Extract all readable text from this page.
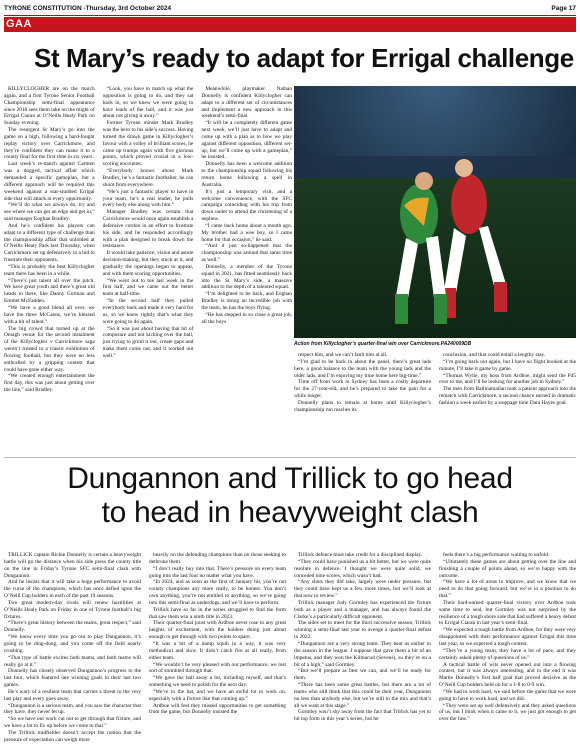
TYRONE CONSTITUTION -Thursday, 3rd October 2024	Page 17
GAA
St Mary’s ready to adapt for Errigal challenge

KILLYCLOGHER are on the march again, and a first Tyrone Senior Football Championship semi-final appearance since 2018 sees them take on the might of Errigal Ciaran at O’Neills Healy Park on Sunday evening.

The resurgent St Mary’s go into the game on a high, following a hard-fought replay victory over Carrickmore, and they’re confident they can make it to a county final for the first time in six years.

Last week’s re-match against Carmen was a dogged, tactical affair which demanded a specific gameplan, but a different approach will be required this weekend against a star-studded Errigal side that will attack at every opportunity.

“We’ll do what we always do, try and see where we can get an edge and get in,” said manager Eoghan Bradley.

And he’s confident his players can adapt to a different type of challenge than the championship affair that unfolded at O’Neills Healy Park last Thursday, when Carrickmore set up defensively in a bid to frustrate their opponents.

“This is probably the best Killyclogher team there has been in a while.

“There’s just talent all over the pitch. We have great youth and there’s great old heads in there, like Danny Gorman and Emmet McFadden.

“We have a good blend all over, we have the three McCanns, we’re blessed with a bit of talent.”

The big crowd that turned up at the Omagh venue for the second instalment of the Killyclogher v Carrickmore saga weren’t treated to a classic exhibition of flowing football, but they were no less enthralled by a gripping contest that could have gone either way.

“We created enough entertainment the first day, this was just about getting over the line,” said Bradley.

“Look, you have to match up what the opposition is going to do, and they sat back in, so we knew we were going to have loads of the ball, and it was just about not giving it away.”

Former Tyrone minder Mark Bradley was the hero to his side’s success. Having turned the drawn game in Killyclogher’s favour with a volley of brilliant scores, he came up trumps again with five glorious points, which proved crucial in a low-scoring encounter.

“Everybody knows about Mark Bradley, he’s a fantastic footballer, he can shoot from everywhere.

“He’s just a fantastic player to have in your team, he’s a real leader, he pulls every body else along with him.”

Manager Bradley was certain that Carrickmore would once again establish a defensive cordon in an effort to frustrate his side, and he responded accordingly with a plan designed to break down the resistance.

It would take patience, vision and astute decision-making, but they stuck at it, and gradually the openings began to appear, and with them scoring opportunities.

“We went out to toe last week in the first half, and we came out the better team at half-time.

“In the second half they pulled everybody back and made it very hard for us, so we knew rightly that’s what they were going to do again.

“So it was just about having that bit of composure and not kicking over the ball, just trying to grind it out, create gaps and make them come out, and it worked out well.”

Meanwhile, playmaker Nathan Donnelly is confident Killyclogher can adapt to a different set of circumstances and implement a new approach in this weekend’s semi-final.

“It will be a completely different game next week, we’ll just have to adapt and come up with a plan as to how we play against different opposition, different set-up, but we’ll come up with a gameplan,” he insisted.

Donnelly has been a welcome addition to the championship squad following his return home following a spell in Australia.

It’s just a temporary visit, and a welcome convenience, with the SFC campaign coinciding with his trip from down under to attend the christening of a nephew.

“I came back home about a month ago. My brother had a wee boy, so I came home for that occasion,” he said.

“And it just so-happened that the championship was around that same time as well.”

Donnelly, a member of the Tyrone squad in 2021, has fitted seamlessly back into the St Mary’s side, a massive addition to the depth of a talented squad.

“I’m delighted to be back, and Eoghan Bradley is doing an incredible job with the team, he has the boys flying.

“He has stepped in so close a great job, all the boys

Action from Killyclogher’s quarter-final win over Carrickmore.PA240009DB

respect him, and we can’t fault him at all.

“I’m glad to be back in about the panel, there’s great lads here, a good balance to the team with the young lads and the older lads, and I’m enjoying my time home here big-time.”

Time off from work in Sydney has been a costly departure for the 27-year-old, and he’s prepared to take the pain for a while longer.

Donnelly plans to remain at home until Killyclogher’s championship run reaches its

conclusion, and that could entail a lengthy stay.

“I’m going back out again, but I have no flight booked at the minute, I’ll take it game by game.

“Thomas Wylie, my boss from Ardboe, might send the P45 over to me, and I’ll be looking for another job in Sydney.”

The men from Ballinamallan took a patient approach into the rematch with Carrickmore, a second chance earned in dramatic fashion a week earlier by a stoppage time Dara Hayes goal.

Dungannon and Trillick to go head
to head in heavyweight clash

TRILLICK captain Richie Donnelly is certain a heavyweight battle will go the distance when his side press the county title on the line in Friday’s Tyrone SFC semi-final clash with Dungannon.

And he insists that it will take a huge performance to avoid the curse of the champions, which has once defied upon the O’Neill Cup holders in each of the past 19 seasons.

Two great modern-day rivals will renew hostilities at O’Neills Healy Park on Friday in one of Tyrone football’s big fixtures.

“There’s great history between the teams, great respect,” said Donnelly.

“We know every time you go out to play Dungannon, it’s going to be ding-dong, and you come off the field nearly crushing.

“That type of battle excites both teams, and both teams will really go at it.”

Donnelly has closely observed Dungannon’s progress to the last four, which featured late winning goals in their last two games.

He’s wary of a resilient team that carries a threat to the very last play and every goes away.

“Dungannon is a serious team, and you saw the character that they have, they never let up.

“So we have our work cut out to get through that fixture, and we have a lot to fix up before we come to that.”

The Trillick midfielder doesn’t accept the notion that the pressure of expectation can weigh more

heavily on the defending champions than on those seeking to dethrone them.

“I don’t really buy into that. There’s pressure on every team going into the last four no matter what you have.

“In 2024, and as soon as the first of January hit, you’re not county champions any more really, to be honest. You don’t own anything, you’re not entitled to anything, so we’re going into this semi-final as underdogs, and we’ll have to perform.

Trillick have so far in the series struggled to find the form that saw them win a ninth title in 2023.

Their quarter-final joust with Ardboe never rose to any great heights of excitement, with the holders doing just about enough to get through with two points to spare.

“It was a bit of a damp squib in a way, it was very methodical and slow. It didn’t catch fire at all really, from either team.

“We wouldn’t be very pleased with our performance, we lost sort of stumbled through that.

“We gave the ball away a lot, including myself, and that’s something we need to polish for the next day.

“We’re in the hat, and we have an awful lot to work on, especially with a fixture like that coming up.”

Ardboe will feel they missed opportunities to get something from the game, but Donnelly insisted the

Trillick defence must take credit for a disciplined display.

“They could have punished us a bit better, but we were quite resolute in defence. I thought we were quite solid, we conceded nine scores, which wasn’t bad.

“Any shots they did take, largely were under pressure, but they could have kept us a few more times, but we’ll look at that now in review.”

Trillick manager Jody Gormley has experienced the fixture both as a player and a manager, and has always found the Clarke’s a particularly difficult opponent.

The sides set to meet for the third successive season, Trillick winning a semi-final last year to avenge a quarter-final defeat in 2022.

“Dungannon are a very strong team. They beat us earlier in the season in the league. I suppose that gave them a bit of an impetus, and they won the Kilmacud (Sevens), so they’re on a bit of a high,” said Gormley.

“But we’ll prepare as best we can, and we’ll be ready for them.

“There has been some great battles, but there are a lot of teams who still think that this could be their year, Dungannon no less than anybody else, but we’re still in the mix and that’s all we want at this stage.”

Gormley won’t shy away from the fact that Trillick has yet to hit top form in this year’s series, but he

feels there’s a big performance waiting to unfold.

“Ultimately these games are about getting over the line and finishing a couple of points ahead, so we’re happy with the outcome.

“We have a lot of areas to improve, and we know that we need to do that going forward, but we’re in a position to do that.”

Their hard-earned quarter-final victory over Ardboe took some time to seal, but Gormley was not surprised by the resilience of a tough shore side that had suffered a heavy defeat to Errigal Ciaran in last year’s semi-final.

“We expected a tough battle from Ardboe, for they were very disappointed with their performance against Errigal this time last year, so we expected a tough contest.

“They’re a young team, they have a lot of pace, and they certainly asked plenty of questions of us.”

A tactical battle of wits never opened out into a flowing contest, but it was always interesting, and in the end it was Mattie Donnelly’s first half goal that proved decisive as the O’Neill Cup holders held on for a 1-8 to 0-9 win.

“We had to work hard, we said before the game that we were going to have to work hard, and we did.

“They were set up well defensively and they asked questions of us, but I think when it came to it, we just got enough to get over the line.”
